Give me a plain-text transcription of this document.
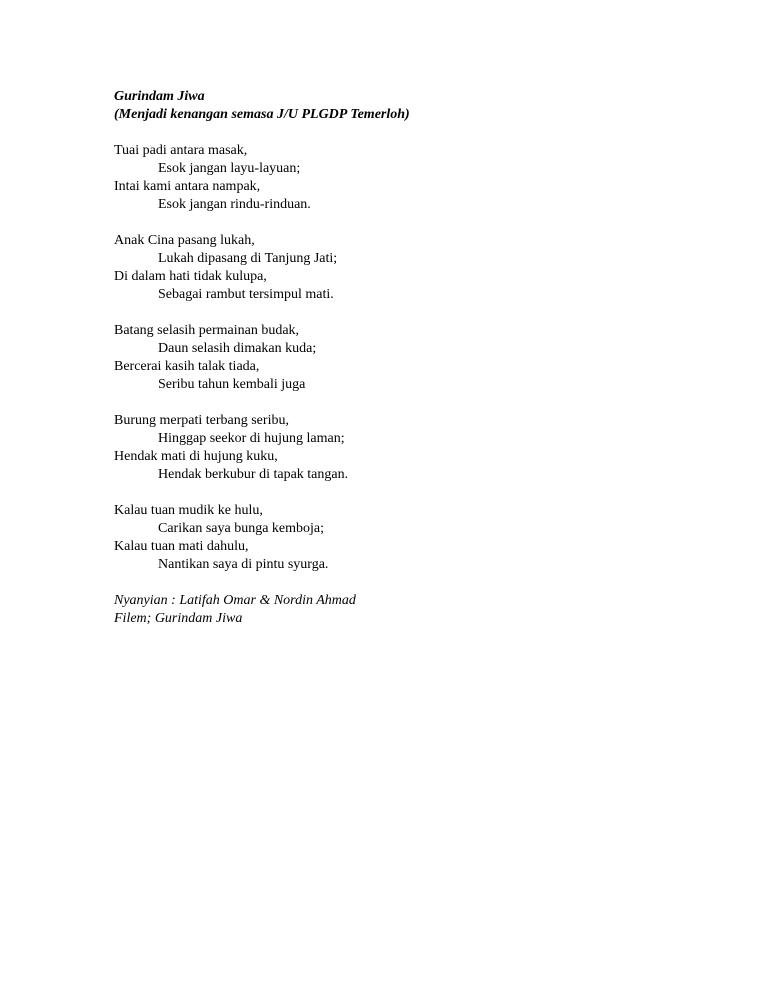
Gurindam Jiwa
(Menjadi kenangan semasa J/U PLGDP Temerloh)
Tuai padi antara masak,
Esok jangan layu-layuan;
Intai kami antara nampak,
Esok jangan rindu-rinduan.
Anak Cina pasang lukah,
Lukah dipasang di Tanjung Jati;
Di dalam hati tidak kulupa,
Sebagai rambut tersimpul mati.
Batang selasih permainan budak,
Daun selasih dimakan kuda;
Bercerai kasih talak tiada,
Seribu tahun kembali juga
Burung merpati terbang seribu,
Hinggap seekor di hujung laman;
Hendak mati di hujung kuku,
Hendak berkubur di tapak tangan.
Kalau tuan mudik ke hulu,
Carikan saya bunga kemboja;
Kalau tuan mati dahulu,
Nantikan saya di pintu syurga.
Nyanyian : Latifah Omar & Nordin Ahmad
Filem; Gurindam Jiwa
